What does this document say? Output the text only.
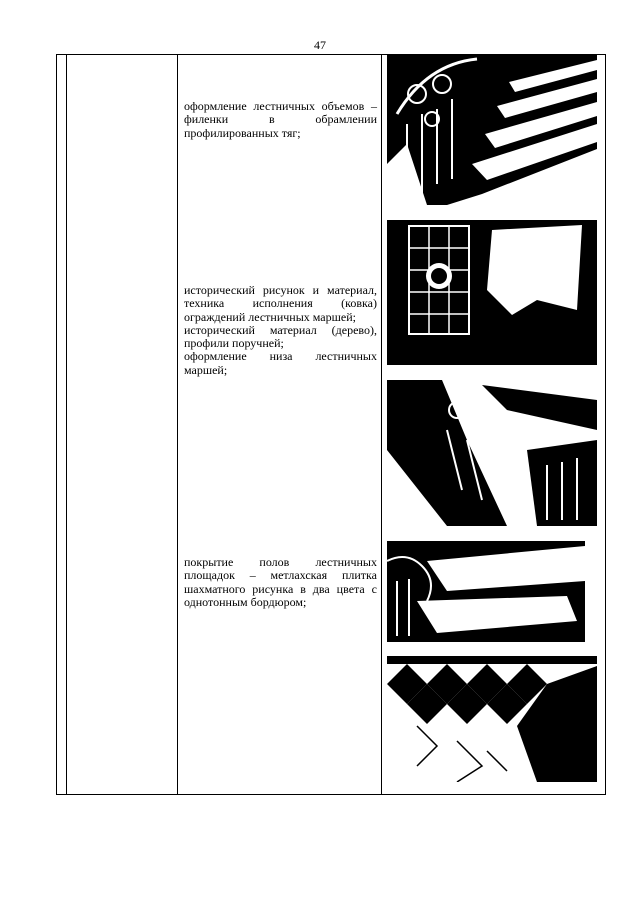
47

оформление лестничных объемов – филенки в обрамлении профилированных тяг;

исторический рисунок и материал, техника исполнения (ковка) ограждений лестничных маршей;

исторический материал (дерево), профили поручней;

оформление низа лестничных маршей;

покрытие полов лестничных площадок – метлахская плитка шахматного рисунка в два цвета с однотонным бордюром;
